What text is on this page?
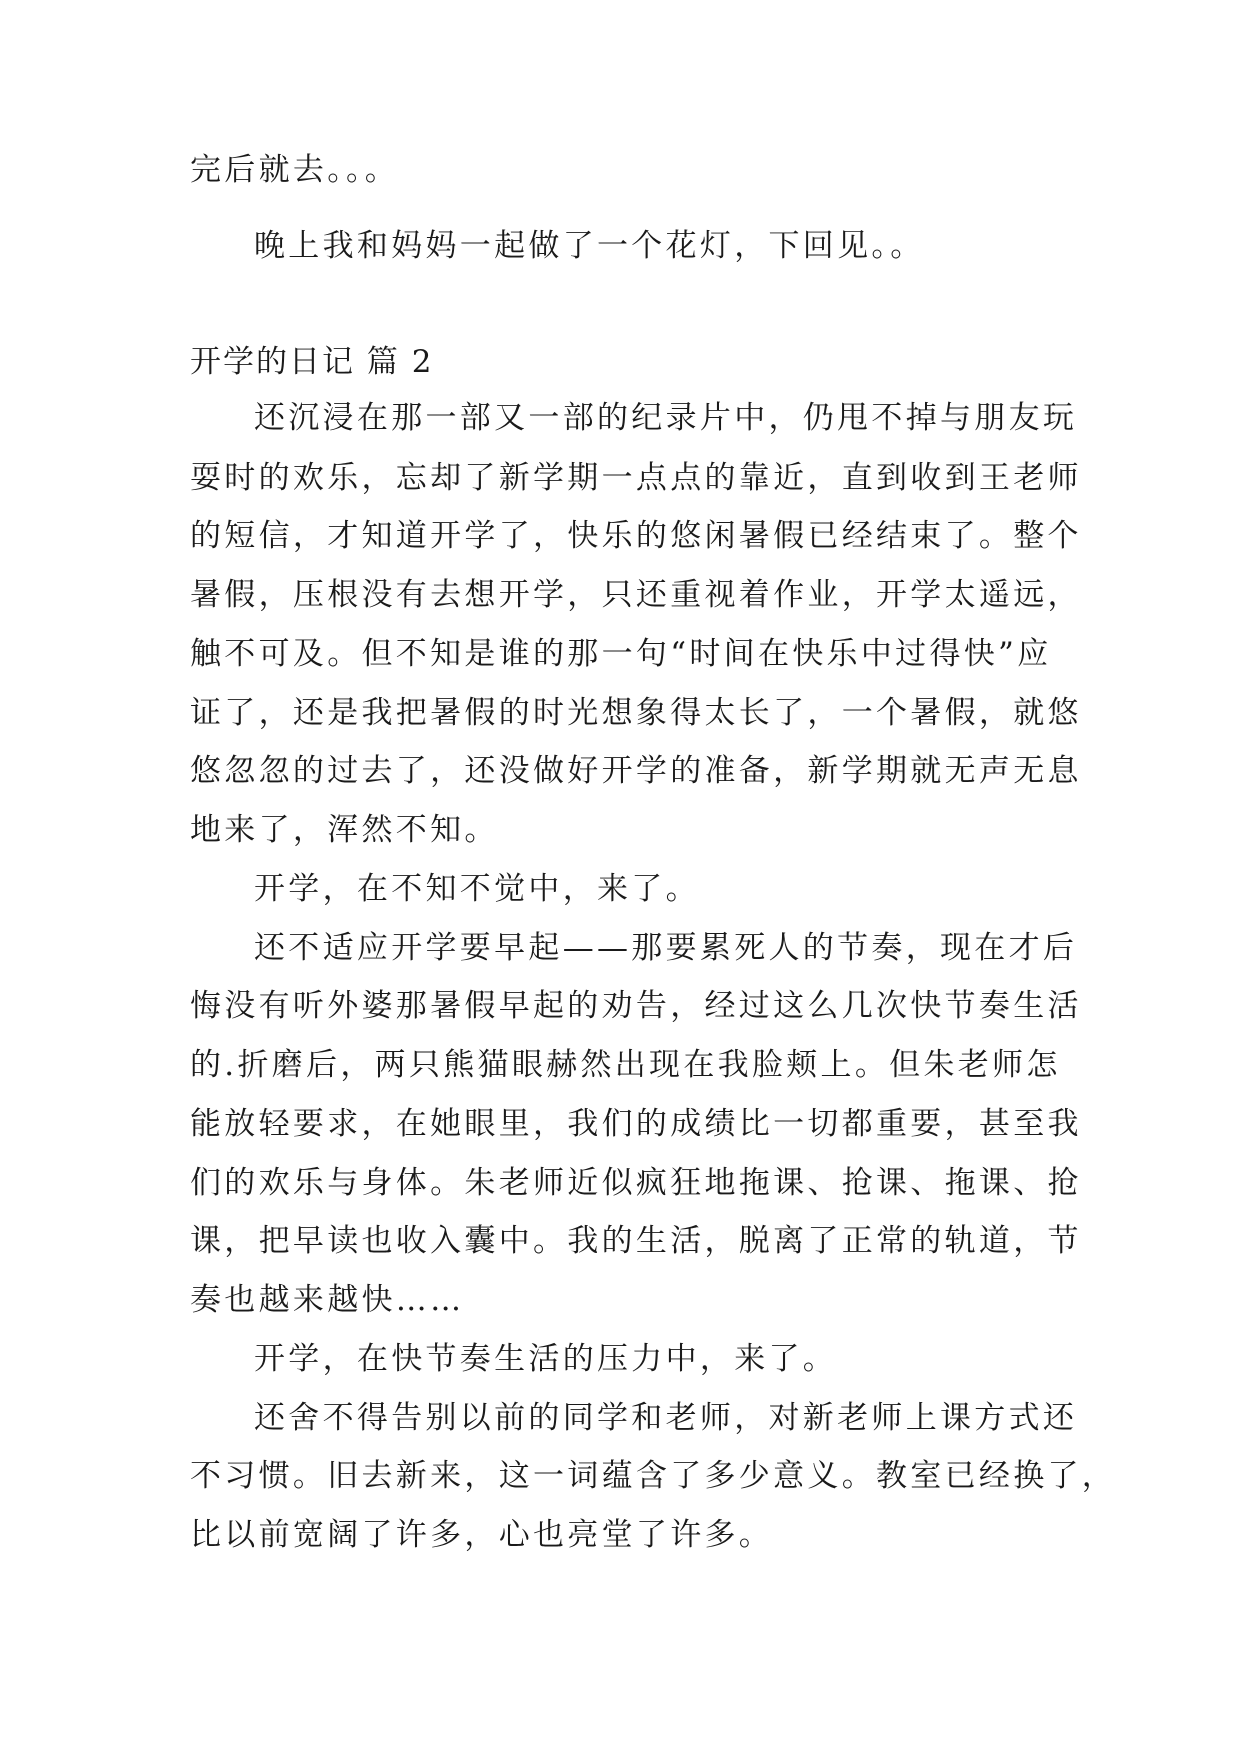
完后就去。。。
晚上我和妈妈一起做了一个花灯，下回见。。
开学的日记 篇 2
还沉浸在那一部又一部的纪录片中，仍甩不掉与朋友玩
耍时的欢乐，忘却了新学期一点点的靠近，直到收到王老师
的短信，才知道开学了，快乐的悠闲暑假已经结束了。整个
暑假，压根没有去想开学，只还重视着作业，开学太遥远，
触不可及。但不知是谁的那一句“时间在快乐中过得快”应
证了，还是我把暑假的时光想象得太长了，一个暑假，就悠
悠忽忽的过去了，还没做好开学的准备，新学期就无声无息
地来了，浑然不知。
开学，在不知不觉中，来了。
还不适应开学要早起——那要累死人的节奏，现在才后
悔没有听外婆那暑假早起的劝告，经过这么几次快节奏生活
的.折磨后，两只熊猫眼赫然出现在我脸颊上。但朱老师怎
能放轻要求，在她眼里，我们的成绩比一切都重要，甚至我
们的欢乐与身体。朱老师近似疯狂地拖课、抢课、拖课、抢
课，把早读也收入囊中。我的生活，脱离了正常的轨道，节
奏也越来越快……
开学，在快节奏生活的压力中，来了。
还舍不得告别以前的同学和老师，对新老师上课方式还
不习惯。旧去新来，这一词蕴含了多少意义。教室已经换了，
比以前宽阔了许多，心也亮堂了许多。
